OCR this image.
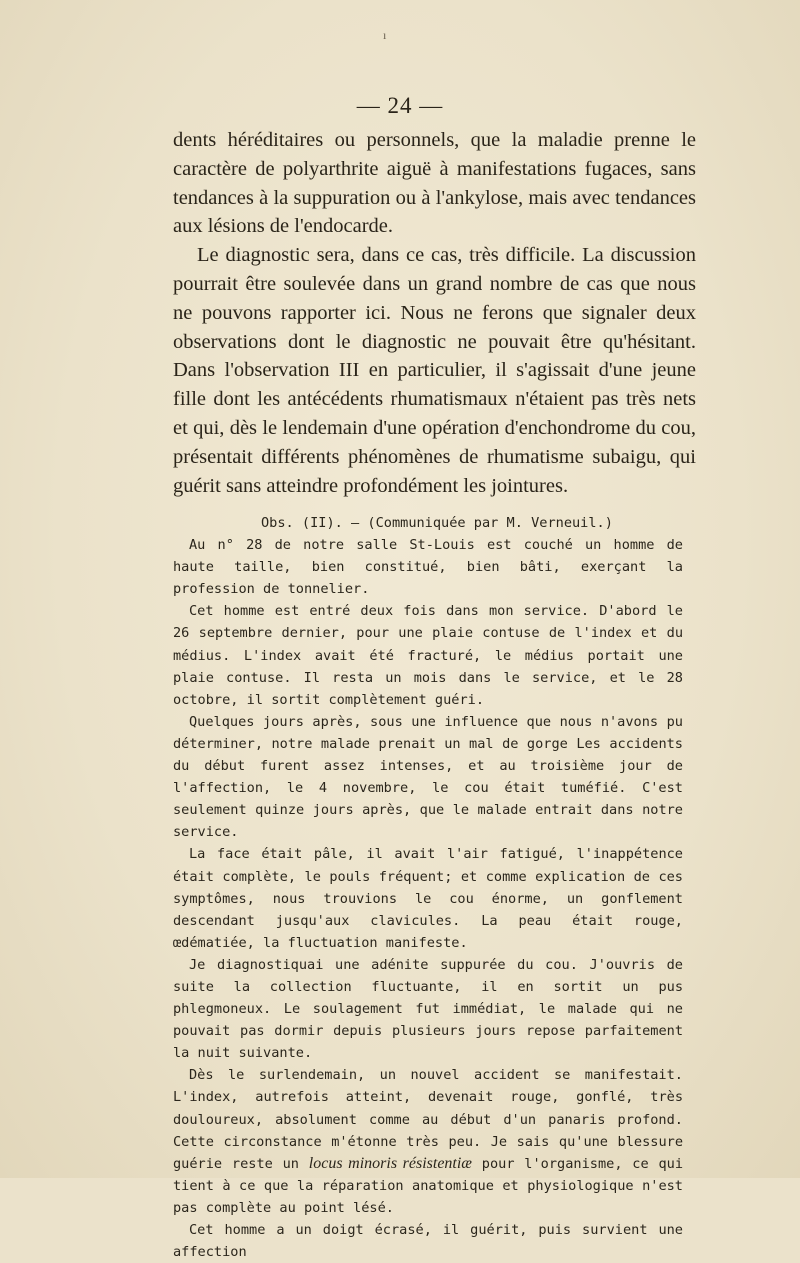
ı
— 24 —

dents héréditaires ou personnels, que la maladie prenne le caractère de polyarthrite aiguë à manifestations fugaces, sans tendances à la suppuration ou à l'ankylose, mais avec tendances aux lésions de l'endocarde.

Le diagnostic sera, dans ce cas, très difficile. La discussion pourrait être soulevée dans un grand nombre de cas que nous ne pouvons rapporter ici. Nous ne ferons que signaler deux observations dont le diagnostic ne pouvait être qu'hésitant. Dans l'observation III en particulier, il s'agissait d'une jeune fille dont les antécédents rhumatismaux n'étaient pas très nets et qui, dès le lendemain d'une opération d'enchondrome du cou, présentait différents phénomènes de rhumatisme subaigu, qui guérit sans atteindre profondément les jointures.

Obs. (II). — (Communiquée par M. Verneuil.)

Au n° 28 de notre salle St-Louis est couché un homme de haute taille, bien constitué, bien bâti, exerçant la profession de tonnelier.

Cet homme est entré deux fois dans mon service. D'abord le 26 septembre dernier, pour une plaie contuse de l'index et du médius. L'index avait été fracturé, le médius portait une plaie contuse. Il resta un mois dans le service, et le 28 octobre, il sortit complètement guéri.

Quelques jours après, sous une influence que nous n'avons pu déterminer, notre malade prenait un mal de gorge Les accidents du début furent assez intenses, et au troisième jour de l'affection, le 4 novembre, le cou était tuméfié. C'est seulement quinze jours après, que le malade entrait dans notre service.

La face était pâle, il avait l'air fatigué, l'inappétence était complète, le pouls fréquent; et comme explication de ces symptômes, nous trouvions le cou énorme, un gonflement descendant jusqu'aux clavicules. La peau était rouge, œdématiée, la fluctuation manifeste.

Je diagnostiquai une adénite suppurée du cou. J'ouvris de suite la collection fluctuante, il en sortit un pus phlegmoneux. Le soulagement fut immédiat, le malade qui ne pouvait pas dormir depuis plusieurs jours repose parfaitement la nuit suivante.

Dès le surlendemain, un nouvel accident se manifestait. L'index, autrefois atteint, devenait rouge, gonflé, très douloureux, absolument comme au début d'un panaris profond. Cette circonstance m'étonne très peu. Je sais qu'une blessure guérie reste un locus minoris résistentiæ pour l'organisme, ce qui tient à ce que la réparation anatomique et physiologique n'est pas complète au point lésé.

Cet homme a un doigt écrasé, il guérit, puis survient une affection
